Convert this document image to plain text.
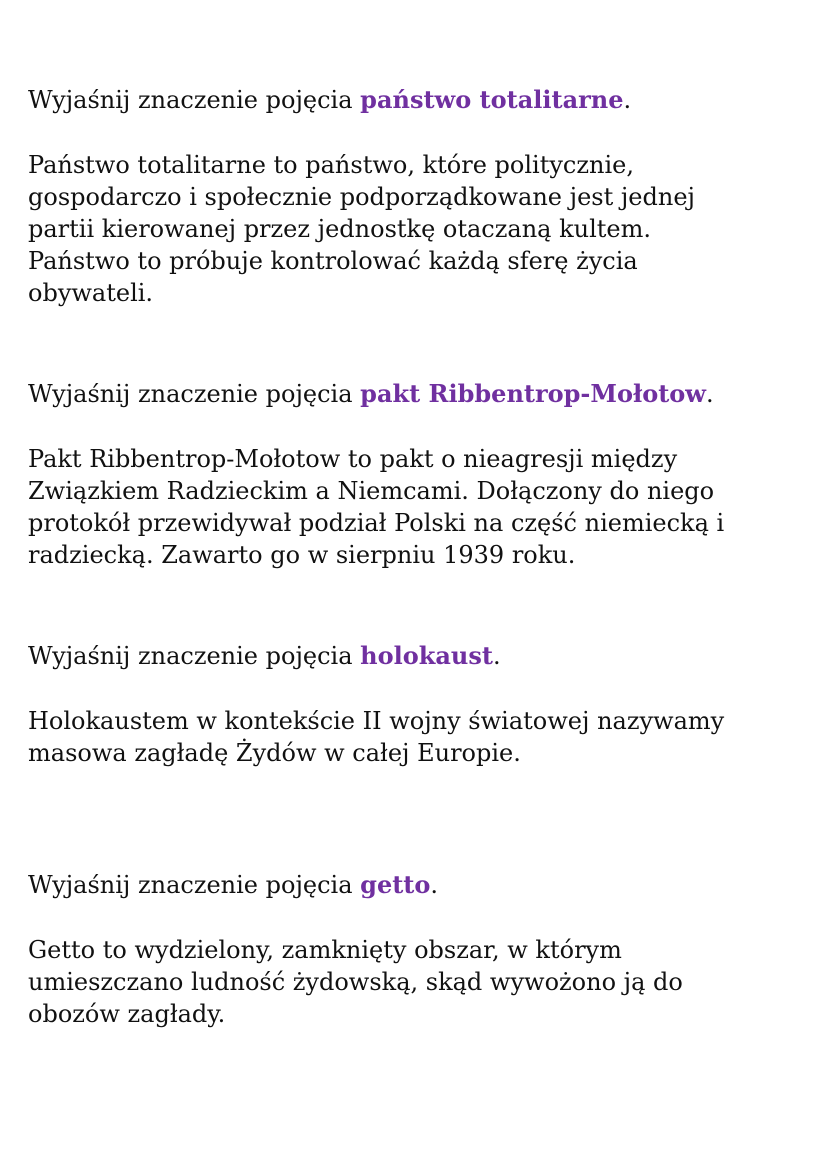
Wyjaśnij znaczenie pojęcia państwo totalitarne.

Państwo totalitarne to państwo, które politycznie,
gospodarczo i społecznie podporządkowane jest jednej
partii kierowanej przez jednostkę otaczaną kultem.
Państwo to próbuje kontrolować każdą sferę życia
obywateli.

Wyjaśnij znaczenie pojęcia pakt Ribbentrop-Mołotow.

Pakt Ribbentrop-Mołotow to pakt o nieagresji między
Związkiem Radzieckim a Niemcami. Dołączony do niego
protokół przewidywał podział Polski na część niemiecką i
radziecką. Zawarto go w sierpniu 1939 roku.

Wyjaśnij znaczenie pojęcia holokaust.

Holokaustem w kontekście II wojny światowej nazywamy
masowa zagładę Żydów w całej Europie.

Wyjaśnij znaczenie pojęcia getto.

Getto to wydzielony, zamknięty obszar, w którym
umieszczano ludność żydowską, skąd wywożono ją do
obozów zagłady.
